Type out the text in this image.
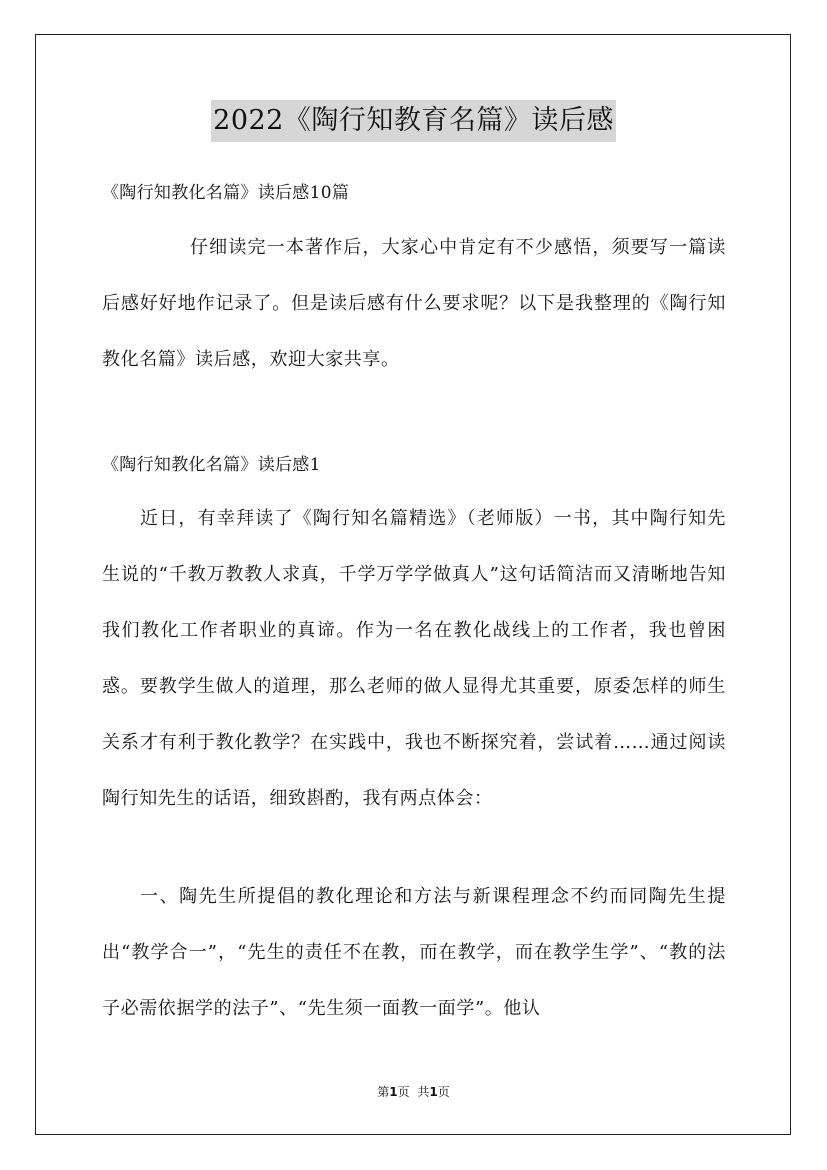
2022《陶行知教育名篇》读后感

《陶行知教化名篇》读后感10篇

仔细读完一本著作后，大家心中肯定有不少感悟，须要写一篇读后感好好地作记录了。但是读后感有什么要求呢？以下是我整理的《陶行知教化名篇》读后感，欢迎大家共享。

《陶行知教化名篇》读后感1

近日，有幸拜读了《陶行知名篇精选》（老师版）一书，其中陶行知先生说的“千教万教教人求真，千学万学学做真人”这句话简洁而又清晰地告知我们教化工作者职业的真谛。作为一名在教化战线上的工作者，我也曾困惑。要教学生做人的道理，那么老师的做人显得尤其重要，原委怎样的师生关系才有利于教化教学？在实践中，我也不断探究着，尝试着……通过阅读陶行知先生的话语，细致斟酌，我有两点体会：

一、陶先生所提倡的教化理论和方法与新课程理念不约而同陶先生提出“教学合一”，“先生的责任不在教，而在教学，而在教学生学”、“教的法子必需依据学的法子”、“先生须一面教一面学”。他认

第1页 共1页
